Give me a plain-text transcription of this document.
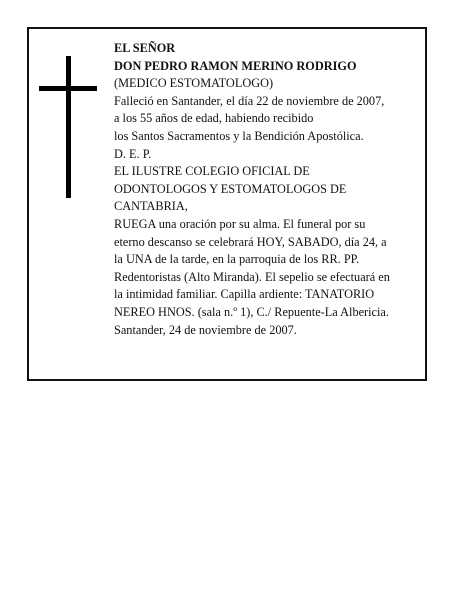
EL SEÑOR
DON PEDRO RAMON MERINO RODRIGO
(MEDICO ESTOMATOLOGO)
Falleció en Santander, el día 22 de noviembre de 2007,
a los 55 años de edad, habiendo recibido
los Santos Sacramentos y la Bendición Apostólica.
D. E. P.
EL ILUSTRE COLEGIO OFICIAL DE
ODONTOLOGOS Y ESTOMATOLOGOS DE
CANTABRIA,
RUEGA una oración por su alma. El funeral por su
eterno descanso se celebrará HOY, SABADO, día 24, a
la UNA de la tarde, en la parroquia de los RR. PP.
Redentoristas (Alto Miranda). El sepelio se efectuará en
la intimidad familiar. Capilla ardiente: TANATORIO
NEREO HNOS. (sala n.º 1), C./ Repuente-La Albericia.
Santander, 24 de noviembre de 2007.
